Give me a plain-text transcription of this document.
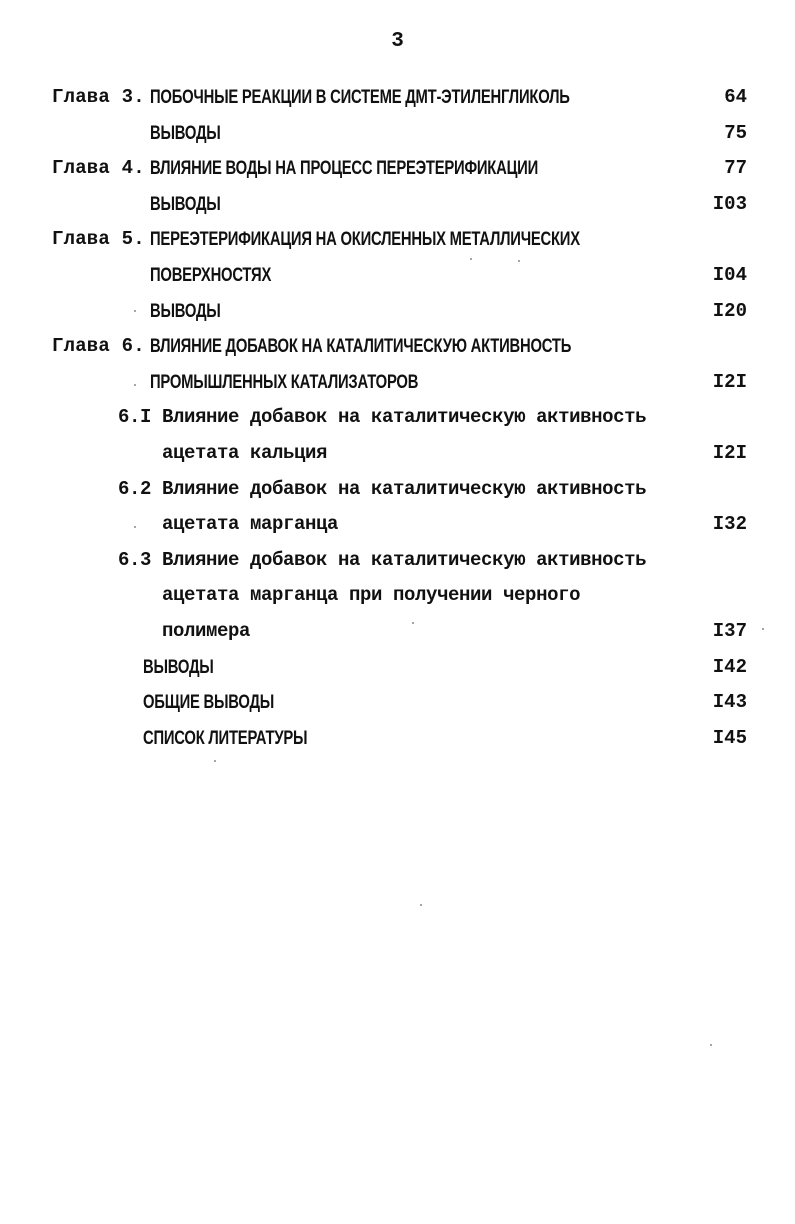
3
Глава 3. ПОБОЧНЫЕ РЕАКЦИИ В СИСТЕМЕ ДМТ-ЭТИЛЕНГЛИКОЛЬ	64
ВЫВОДЫ	75
Глава 4. ВЛИЯНИЕ ВОДЫ НА ПРОЦЕСС ПЕРЕЭТЕРИФИКАЦИИ	77
ВЫВОДЫ	I03
Глава 5. ПЕРЕЭТЕРИФИКАЦИЯ НА ОКИСЛЕННЫХ МЕТАЛЛИЧЕСКИХ
ПОВЕРХНОСТЯХ	I04
ВЫВОДЫ	I20
Глава 6. ВЛИЯНИЕ ДОБАВОК НА КАТАЛИТИЧЕСКУЮ АКТИВНОСТЬ
ПРОМЫШЛЕННЫХ КАТАЛИЗАТОРОВ	I2I
6.I Влияние добавок на каталитическую активность
ацетата кальция	I2I
6.2 Влияние добавок на каталитическую активность
ацетата марганца	I32
6.3 Влияние добавок на каталитическую активность
ацетата марганца при получении черного
полимера	I37
ВЫВОДЫ	I42
ОБЩИЕ ВЫВОДЫ	I43
СПИСОК ЛИТЕРАТУРЫ	I45
